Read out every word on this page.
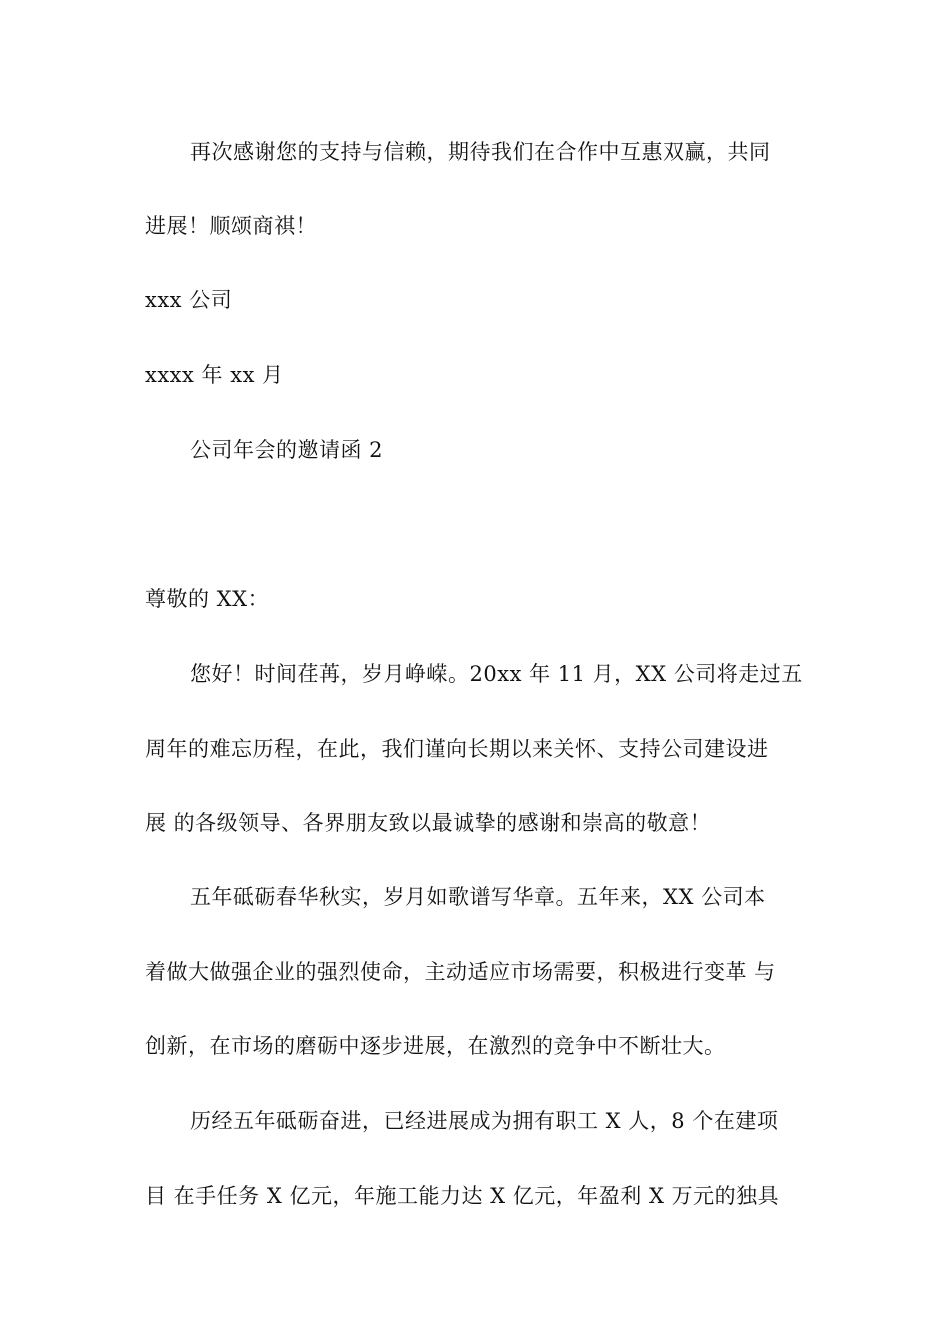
再次感谢您的支持与信赖，期待我们在合作中互惠双赢，共同
进展！顺颂商祺！
xxx 公司
xxxx 年 xx 月
公司年会的邀请函 2
尊敬的 XX：
您好！时间荏苒，岁月峥嵘。20xx 年 11 月，XX 公司将走过五
周年的难忘历程，在此，我们谨向长期以来关怀、支持公司建设进
展 的各级领导、各界朋友致以最诚挚的感谢和崇高的敬意！
五年砥砺春华秋实，岁月如歌谱写华章。五年来，XX 公司本
着做大做强企业的强烈使命，主动适应市场需要，积极进行变革 与
创新，在市场的磨砺中逐步进展，在激烈的竞争中不断壮大。
历经五年砥砺奋进，已经进展成为拥有职工 X 人，8 个在建项
目 在手任务 X 亿元，年施工能力达 X 亿元，年盈利 X 万元的独具
